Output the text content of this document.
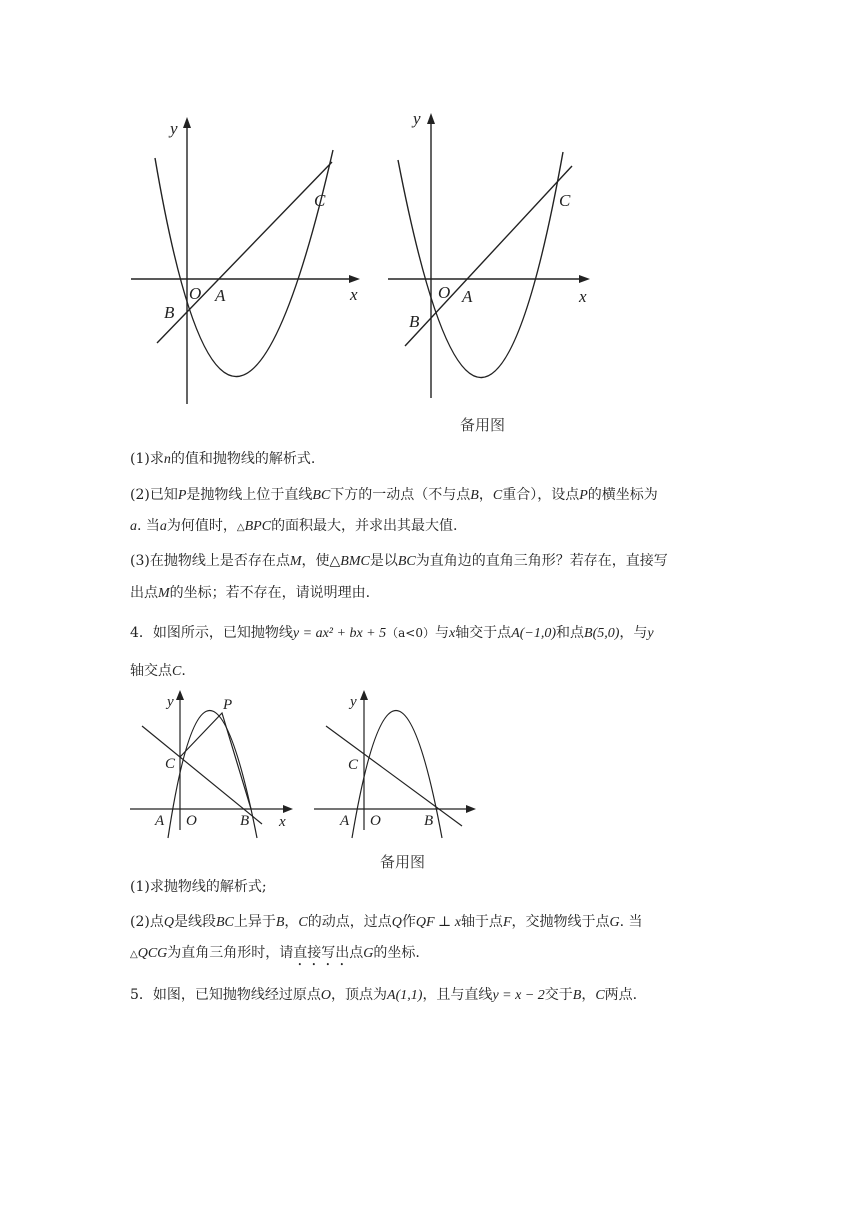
y
x
O A
B
C
y
x
O A
B
C
备用图
(1)求n的值和抛物线的解析式.
(2)已知P是抛物线上位于直线BC下方的一动点（不与点B，C重合），设点P的横坐标为
a. 当a为何值时，△BPC的面积最大，并求出其最大值.
(3)在抛物线上是否存在点M，使△BMC是以BC为直角边的直角三角形？若存在，直接写
出点M的坐标；若不存在，请说明理由.
4．如图所示，已知抛物线y = ax² + bx + 5（a<0）与x轴交于点A(−1,0)和点B(5,0)，与y
轴交点C.
y	P
C
A O	B x
y
C
A O	B
备用图
(1)求抛物线的解析式;
(2)点Q是线段BC上异于B，C的动点，过点Q作QF ⊥ x轴于点F，交抛物线于点G. 当
△QCG为直角三角形时，请直接写出点G的坐标.
5．如图，已知抛物线经过原点O，顶点为A(1,1)，且与直线y = x − 2交于B，C两点.
